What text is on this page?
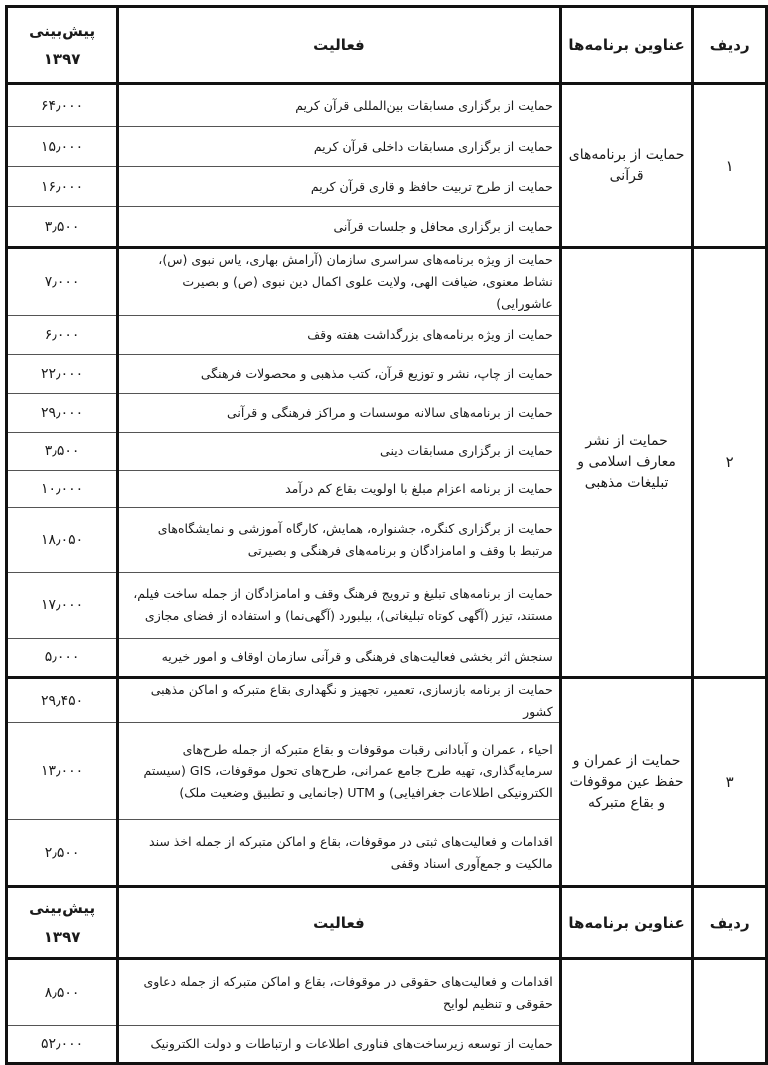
ردیف	عناوین برنامه‌ها	فعالیت	پیش‌بینی
۱۳۹۷

۱	حمایت از برنامه‌های قرآنی	حمایت از برگزاری مسابقات بین‌المللی قرآن کریم	۶۴٫۰۰۰
		حمایت از برگزاری مسابقات داخلی قرآن کریم	۱۵٫۰۰۰
		حمایت از طرح تربیت حافظ و قاری قرآن کریم	۱۶٫۰۰۰
		حمایت از برگزاری محافل و جلسات قرآنی	۳٫۵۰۰
۲	حمایت از نشر معارف اسلامی و تبلیغات مذهبی	حمایت از ویژه برنامه‌های سراسری سازمان (آرامش بهاری، یاس نبوی (س)، نشاط معنوی، ضیافت الهی، ولایت علوی اکمال دین نبوی (ص) و بصیرت عاشورایی)	۷٫۰۰۰
		حمایت از ویژه برنامه‌های بزرگداشت هفته وقف	۶٫۰۰۰
		حمایت از چاپ، نشر و توزیع قرآن، کتب مذهبی و محصولات فرهنگی	۲۲٫۰۰۰
		حمایت از برنامه‌های سالانه موسسات و مراکز فرهنگی و قرآنی	۲۹٫۰۰۰
		حمایت از برگزاری مسابقات دینی	۳٫۵۰۰
		حمایت از برنامه اعزام مبلغ با اولویت بقاع کم درآمد	۱۰٫۰۰۰
		حمایت از برگزاری کنگره، جشنواره، همایش، کارگاه آموزشی و نمایشگاه‌های مرتبط با وقف و امامزادگان و برنامه‌های فرهنگی و بصیرتی	۱۸٫۰۵۰
		حمایت از برنامه‌های تبلیغ و ترویج فرهنگ وقف و امامزادگان از جمله ساخت فیلم، مستند، تیزر (آگهی کوتاه تبلیغاتی)، بیلبورد (آگهی‌نما) و استفاده از فضای مجازی	۱۷٫۰۰۰
		سنجش اثر بخشی فعالیت‌های فرهنگی و قرآنی سازمان اوقاف و امور خیریه	۵٫۰۰۰
۳	حمایت از عمران و حفظ عین موقوفات و بقاع متبرکه	حمایت از برنامه بازسازی، تعمیر، تجهیز و نگهداری بقاع متبرکه و اماکن مذهبی کشور	۲۹٫۴۵۰
		احیاء ، عمران و آبادانی رقبات موقوفات و بقاع متبرکه از جمله طرح‌های سرمایه‌گذاری، تهیه طرح جامع عمرانی، طرح‌های تحول موقوفات، GIS (سیستم الکترونیکی اطلاعات جغرافیایی) و UTM (جانمایی و تطبیق وضعیت ملک)	۱۳٫۰۰۰
		اقدامات و فعالیت‌های ثبتی در موقوفات، بقاع و اماکن متبرکه از جمله اخذ سند مالکیت و جمع‌آوری اسناد وقفی	۲٫۵۰۰
ردیف	عناوین برنامه‌ها	فعالیت	پیش‌بینی
۱۳۹۷

		اقدامات و فعالیت‌های حقوقی در موقوفات، بقاع و اماکن متبرکه از جمله دعاوی حقوقی و تنظیم لوایح	۸٫۵۰۰
		حمایت از توسعه زیرساخت‌های فناوری اطلاعات و ارتباطات و دولت الکترونیک	۵۲٫۰۰۰
